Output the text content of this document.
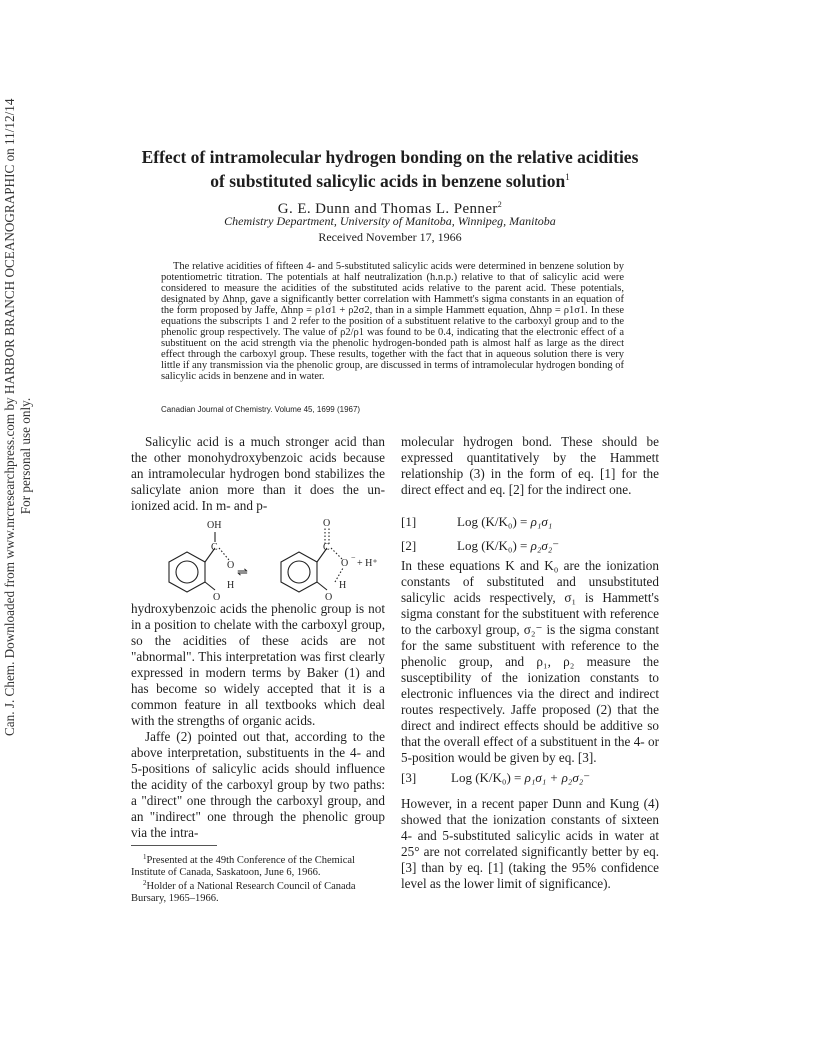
Can. J. Chem. Downloaded from www.nrcresearchpress.com by HARBOR BRANCH OCEANOGRAPHIC on 11/12/14 For personal use only.
Effect of intramolecular hydrogen bonding on the relative acidities
of substituted salicylic acids in benzene solution$^1$
G. E. Dunn and Thomas L. Penner$^2$
Chemistry Department, University of Manitoba, Winnipeg, Manitoba
Received November 17, 1966

The relative acidities of fifteen 4- and 5-substituted salicylic acids were determined in benzene solution by potentiometric titration. The potentials at half neutralization (h.n.p.) relative to that of salicylic acid were considered to measure the acidities of the substituted acids relative to the parent acid. These potentials, designated by Δhnp, gave a significantly better correlation with Hammett's sigma constants in an equation of the form proposed by Jaffe, Δhnp = ρ1σ1 + ρ2σ2, than in a simple Hammett equation, Δhnp = ρ1σ1. In these equations the subscripts 1 and 2 refer to the position of a substituent relative to the carboxyl group and to the phenolic group respectively. The value of ρ2/ρ1 was found to be 0.4, indicating that the electronic effect of a substituent on the acid strength via the phenolic hydrogen-bonded path is almost half as large as the direct effect through the carboxyl group. These results, together with the fact that in aqueous solution there is very little if any transmission via the phenolic group, are discussed in terms of intramolecular hydrogen bonding of salicylic acids in benzene and in water.

Canadian Journal of Chemistry. Volume 45, 1699 (1967)

Salicylic acid is a much stronger acid than the other monohydroxybenzoic acids because an intramolecular hydrogen bond stabilizes the salicylate anion more than it does the un-ionized acid. In m- and p-

OH
C
O
O
H
⇌
O
C
O
−
+ H⁺
O
H

hydroxybenzoic acids the phenolic group is not in a position to chelate with the carboxyl group, so the acidities of these acids are not "abnormal". This interpretation was first clearly expressed in modern terms by Baker (1) and has become so widely accepted that it is a common feature in all textbooks which deal with the strengths of organic acids.

Jaffe (2) pointed out that, according to the above interpretation, substituents in the 4- and 5-positions of salicylic acids should influence the acidity of the carboxyl group by two paths: a "direct" one through the carboxyl group, and an "indirect" one through the phenolic group via the intra-

$^1$Presented at the 49th Conference of the Chemical Institute of Canada, Saskatoon, June 6, 1966.
$^2$Holder of a National Research Council of Canada Bursary, 1965–1966.

molecular hydrogen bond. These should be expressed quantitatively by the Hammett relationship (3) in the form of eq. [1] for the direct effect and eq. [2] for the indirect one.

[1]	Log (K/K₀) = ρ₁σ₁
[2]	Log (K/K₀) = ρ₂σ₂⁻

In these equations K and K₀ are the ionization constants of substituted and unsubstituted salicylic acids respectively, σ₁ is Hammett's sigma constant for the substituent with reference to the carboxyl group, σ₂⁻ is the sigma constant for the same substituent with reference to the phenolic group, and ρ₁, ρ₂ measure the susceptibility of the ionization constants to electronic influences via the direct and indirect routes respectively. Jaffe proposed (2) that the direct and indirect effects should be additive so that the overall effect of a substituent in the 4- or 5-position would be given by eq. [3].

[3]	Log (K/K₀) = ρ₁σ₁ + ρ₂σ₂⁻

However, in a recent paper Dunn and Kung (4) showed that the ionization constants of sixteen 4- and 5-substituted salicylic acids in water at 25° are not correlated significantly better by eq. [3] than by eq. [1] (taking the 95% confidence level as the lower limit of significance).
